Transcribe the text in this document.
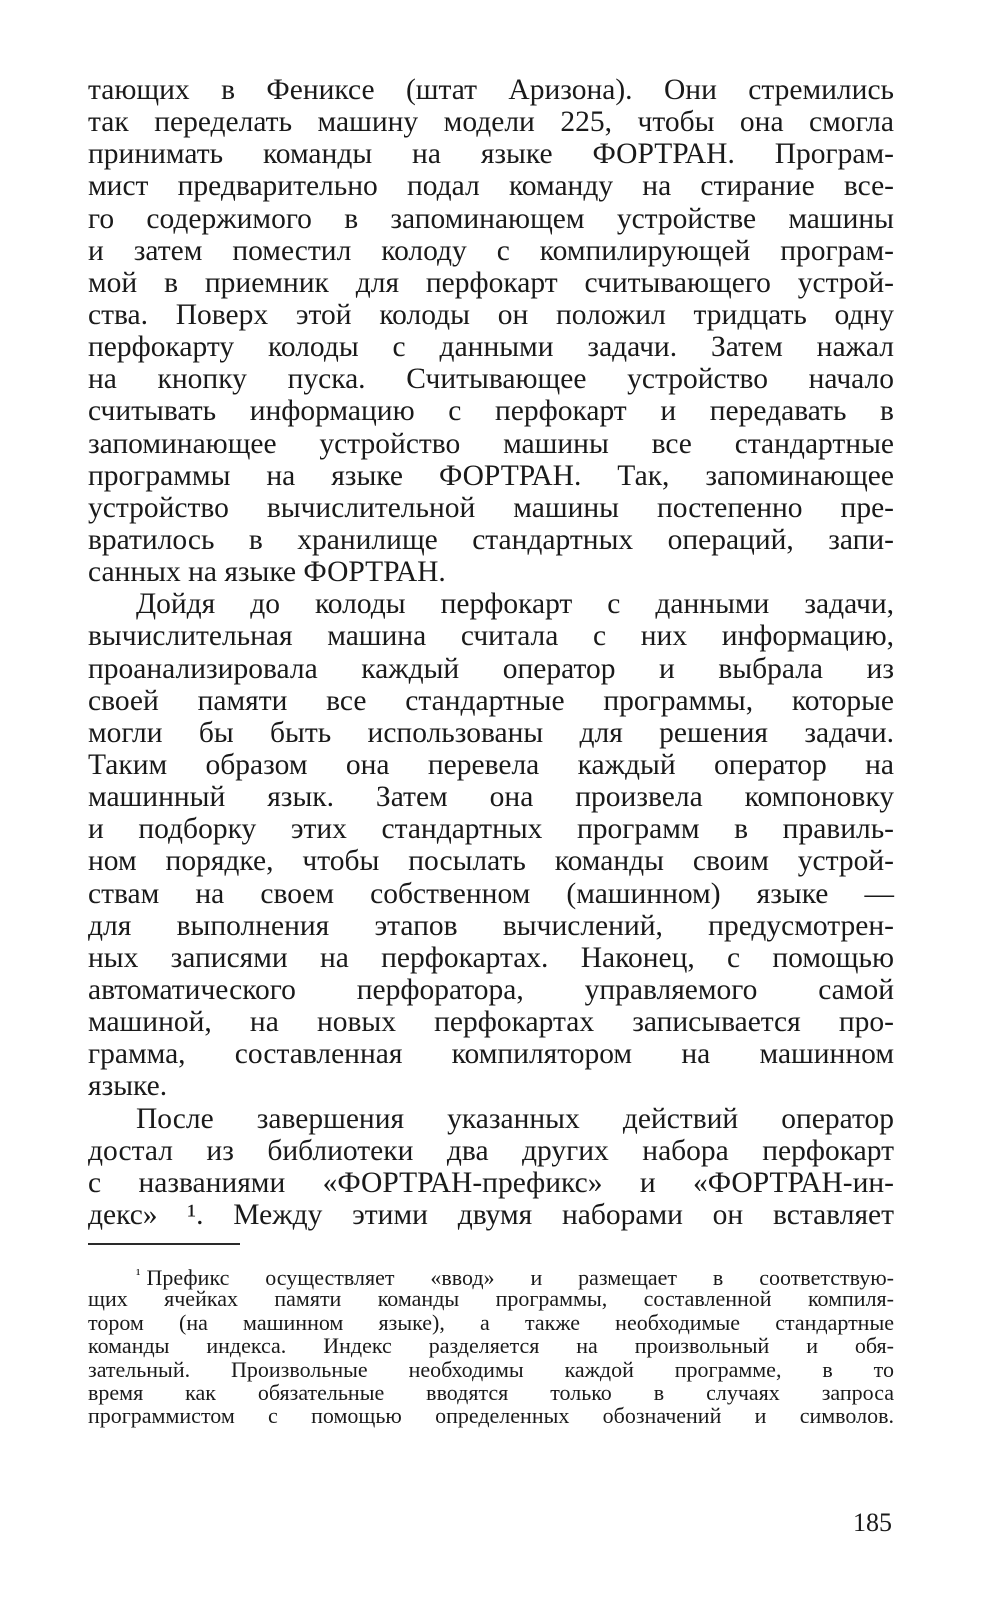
тающих в Фениксе (штат Аризона). Они стремились
так переделать машину модели 225, чтобы она смогла
принимать команды на языке ФОРТРАН. Програм-
мист предварительно подал команду на стирание все-
го содержимого в запоминающем устройстве машины
и затем поместил колоду с компилирующей програм-
мой в приемник для перфокарт считывающего устрой-
ства. Поверх этой колоды он положил тридцать одну
перфокарту колоды с данными задачи. Затем нажал
на кнопку пуска. Считывающее устройство начало
считывать информацию с перфокарт и передавать в
запоминающее устройство машины все стандартные
программы на языке ФОРТРАН. Так, запоминающее
устройство вычислительной машины постепенно пре-
вратилось в хранилище стандартных операций, запи-
санных на языке ФОРТРАН.
Дойдя до колоды перфокарт с данными задачи,
вычислительная машина считала с них информацию,
проанализировала каждый оператор и выбрала из
своей памяти все стандартные программы, которые
могли бы быть использованы для решения задачи.
Таким образом она перевела каждый оператор на
машинный язык. Затем она произвела компоновку
и подборку этих стандартных программ в правиль-
ном порядке, чтобы посылать команды своим устрой-
ствам на своем собственном (машинном) языке —
для выполнения этапов вычислений, предусмотрен-
ных записями на перфокартах. Наконец, с помощью
автоматического перфоратора, управляемого самой
машиной, на новых перфокартах записывается про-
грамма, составленная компилятором на машинном
языке.
После завершения указанных действий оператор
достал из библиотеки два других набора перфокарт
с названиями «ФОРТРАН-префикс» и «ФОРТРАН-ин-
декс» ¹. Между этими двумя наборами он вставляет
$^{^1}$ Префикс осуществляет «ввод» и размещает в соответствую-
щих ячейках памяти команды программы, составленной компиля-
тором (на машинном языке), а также необходимые стандартные
команды индекса. Индекс разделяется на произвольный и обя-
зательный. Произвольные необходимы каждой программе, в то
время как обязательные вводятся только в случаях запроса
программистом с помощью определенных обозначений и символов.
185
